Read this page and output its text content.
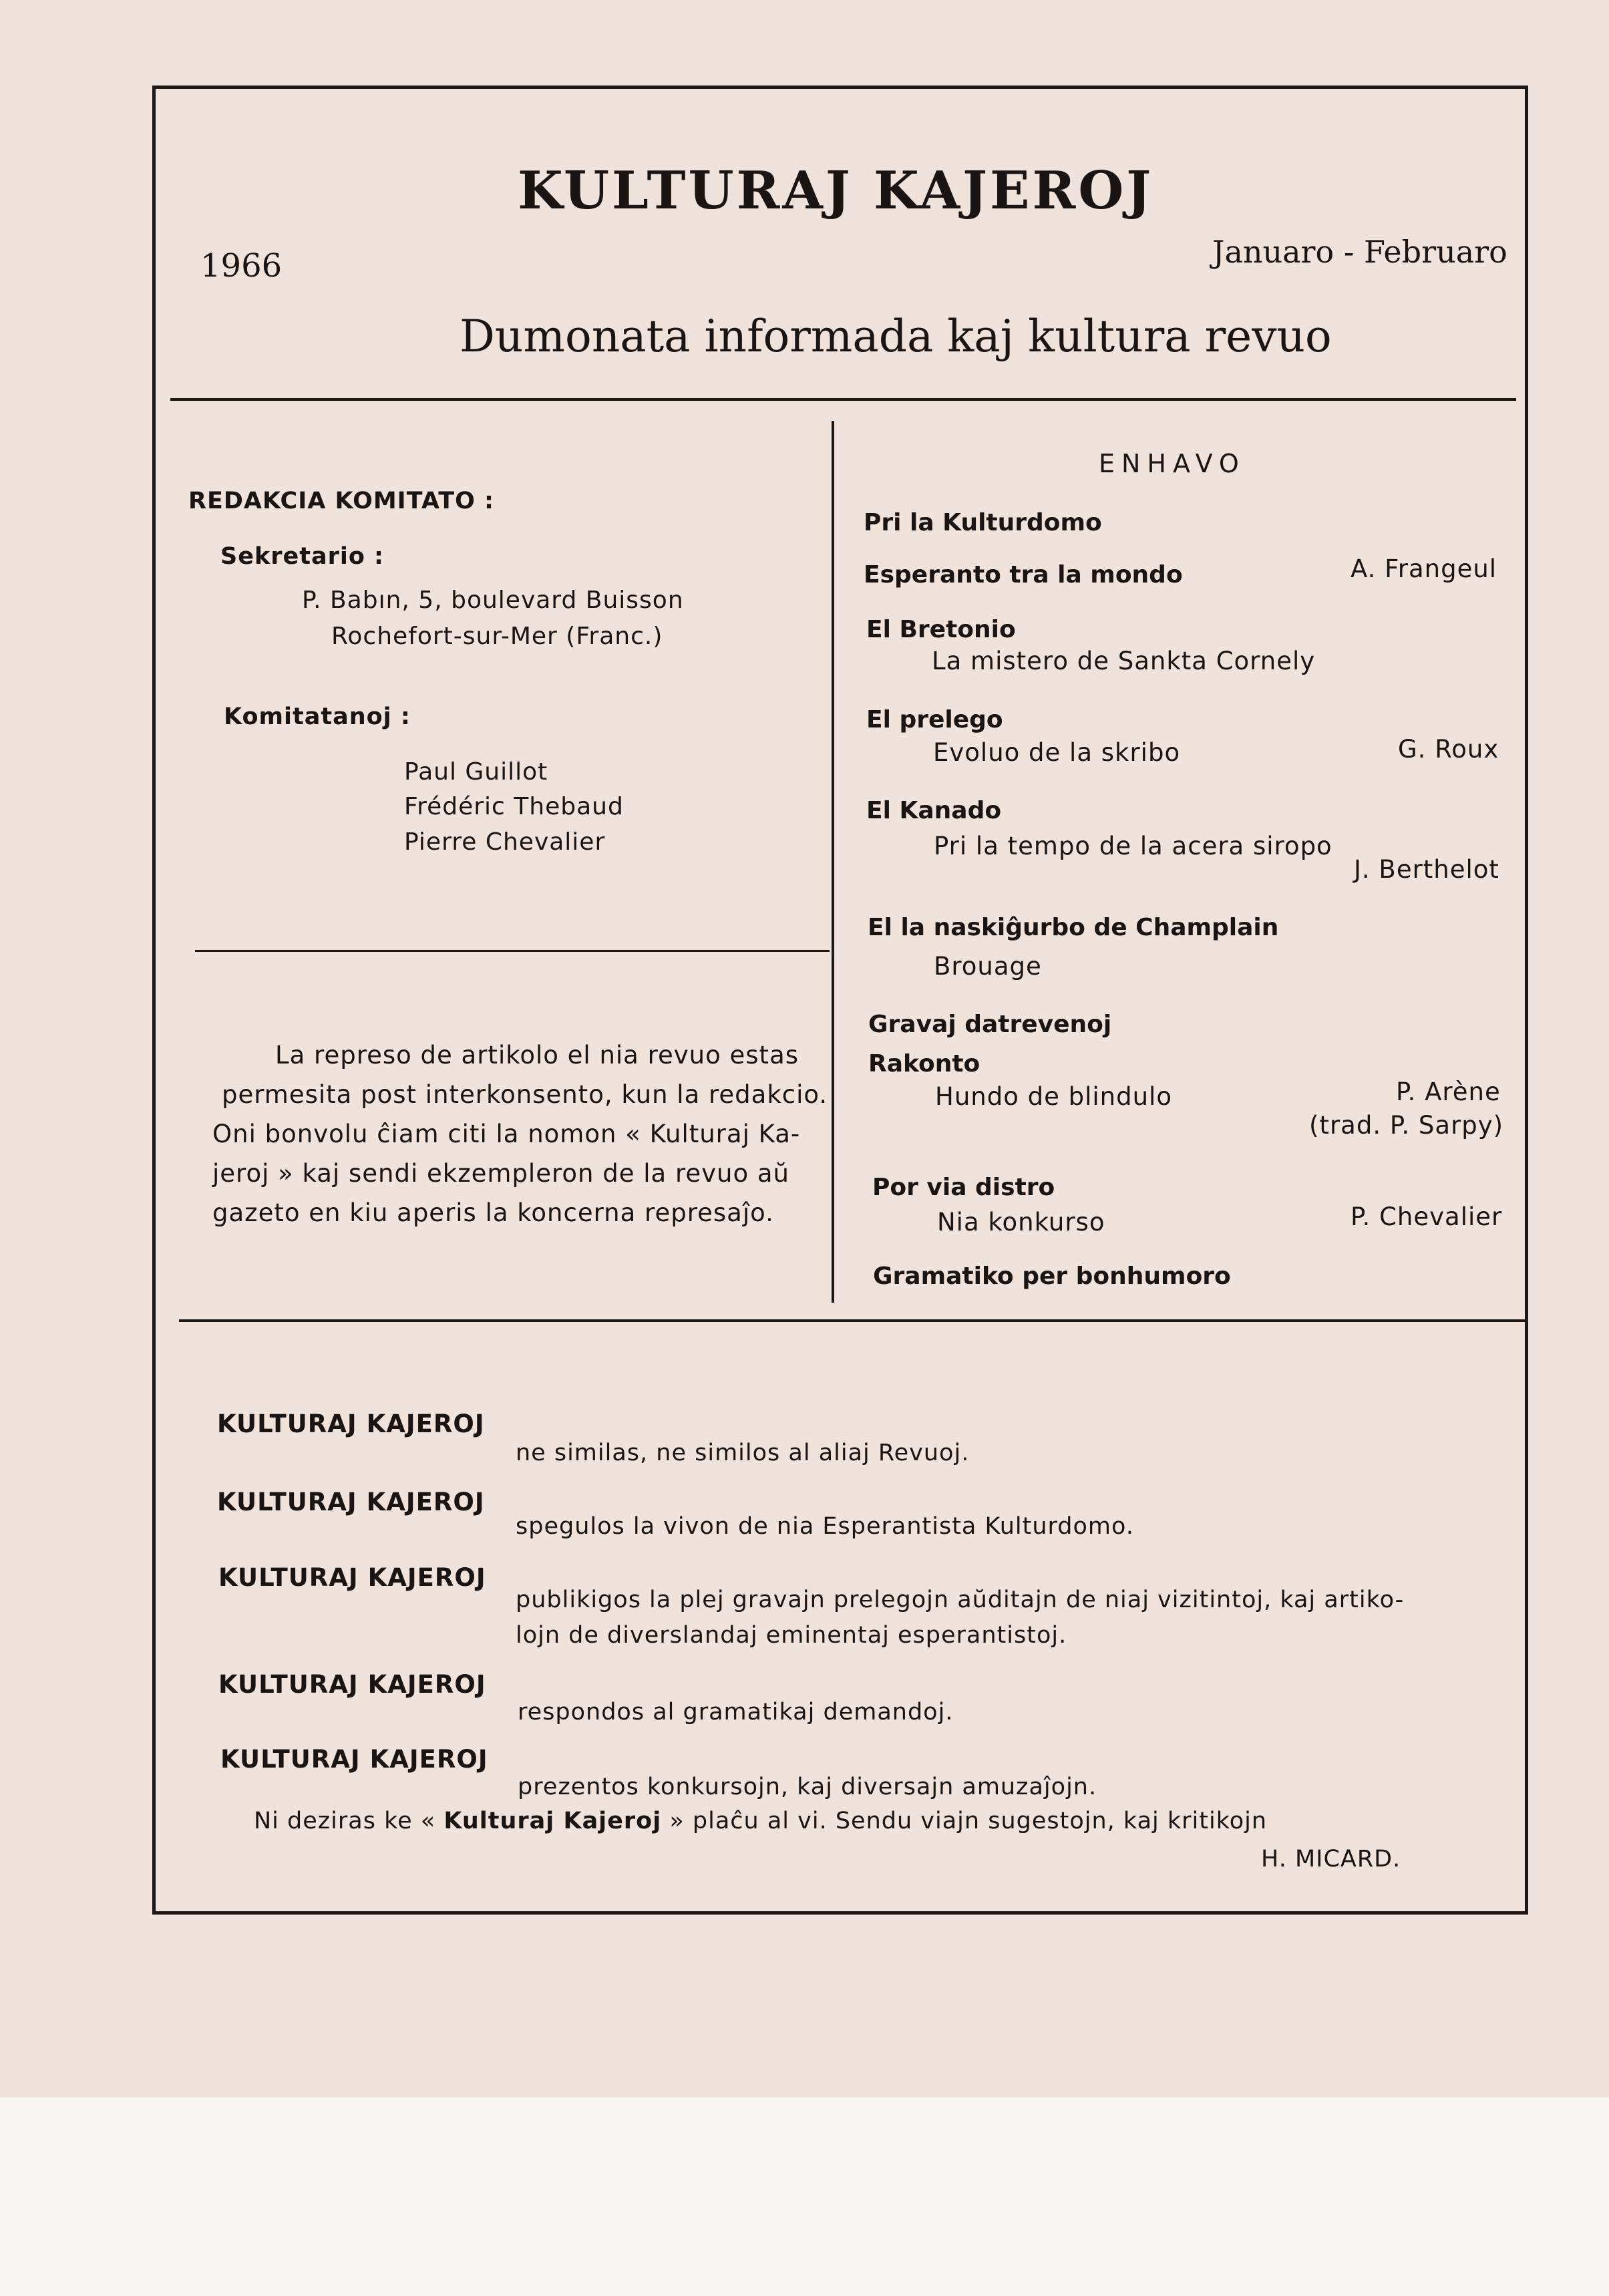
KULTURAJ KAJEROJ
1966	Januaro - Februaro
Dumonata informada kaj kultura revuo
REDAKCIA KOMITATO :
Sekretario :
P. Babın, 5, boulevard Buisson
Rochefort-sur-Mer (Franc.)
Komitatanoj :
Paul Guillot
Frédéric Thebaud
Pierre Chevalier
La represo de artikolo el nia revuo estas
permesita post interkonsento, kun la redakcio.
Oni bonvolu ĉiam citi la nomon « Kulturaj Ka-
jeroj » kaj sendi ekzempleron de la revuo aŭ
gazeto en kiu aperis la koncerna represaĵo.
ENHAVO
Pri la Kulturdomo
Esperanto tra la mondo	A. Frangeul
El Bretonio
La mistero de Sankta Cornely
El prelego
Evoluo de la skribo	G. Roux
El Kanado
Pri la tempo de la acera siropo
J. Berthelot
El la naskiĝurbo de Champlain
Brouage
Gravaj datrevenoj
Rakonto
Hundo de blindulo	P. Arène
(trad. P. Sarpy)
Por via distro
Nia konkurso	P. Chevalier
Gramatiko per bonhumoro
KULTURAJ KAJEROJ
ne similas, ne similos al aliaj Revuoj.
KULTURAJ KAJEROJ
spegulos la vivon de nia Esperantista Kulturdomo.
KULTURAJ KAJEROJ
publikigos la plej gravajn prelegojn aŭditajn de niaj vizitintoj, kaj artiko-
lojn de diverslandaj eminentaj esperantistoj.
KULTURAJ KAJEROJ
respondos al gramatikaj demandoj.
KULTURAJ KAJEROJ
prezentos konkursojn, kaj diversajn amuzaĵojn.
Ni deziras ke « Kulturaj Kajeroj » plaĉu al vi. Sendu viajn sugestojn, kaj kritikojn
H. MICARD.
